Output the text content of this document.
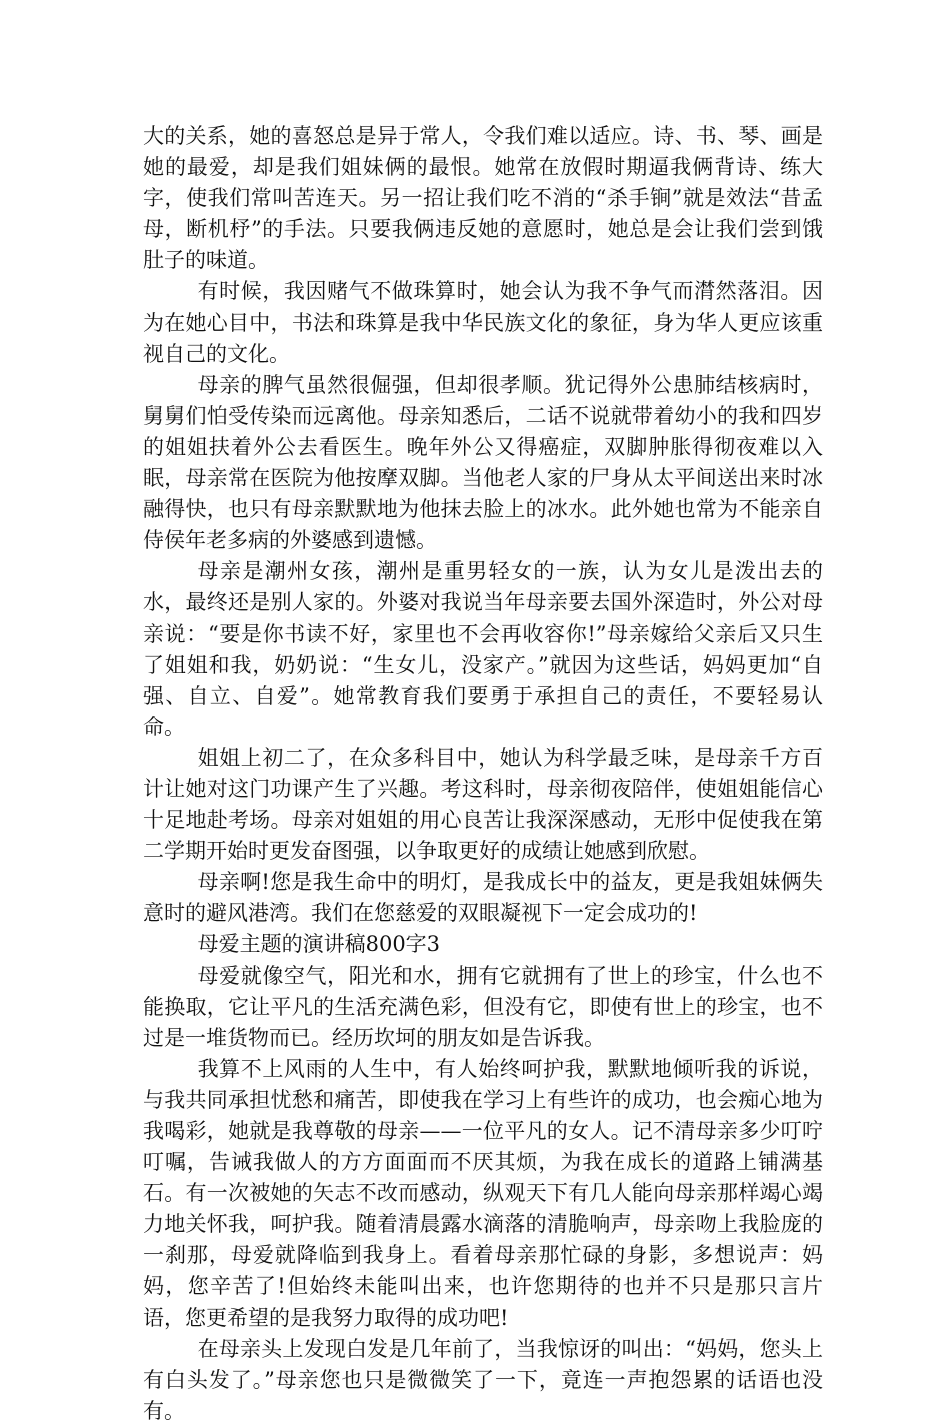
大的关系，她的喜怒总是异于常人，令我们难以适应。诗、书、琴、画是她的最爱，却是我们姐妹俩的最恨。她常在放假时期逼我俩背诗、练大字，使我们常叫苦连天。另一招让我们吃不消的“杀手锏”就是效法“昔孟母，断机杼”的手法。只要我俩违反她的意愿时，她总是会让我们尝到饿肚子的味道。

有时候，我因赌气不做珠算时，她会认为我不争气而潸然落泪。因为在她心目中，书法和珠算是我中华民族文化的象征，身为华人更应该重视自己的文化。

母亲的脾气虽然很倔强，但却很孝顺。犹记得外公患肺结核病时，舅舅们怕受传染而远离他。母亲知悉后，二话不说就带着幼小的我和四岁的姐姐扶着外公去看医生。晚年外公又得癌症，双脚肿胀得彻夜难以入眠，母亲常在医院为他按摩双脚。当他老人家的尸身从太平间送出来时冰融得快，也只有母亲默默地为他抹去脸上的冰水。此外她也常为不能亲自侍侯年老多病的外婆感到遗憾。

母亲是潮州女孩，潮州是重男轻女的一族，认为女儿是泼出去的水，最终还是别人家的。外婆对我说当年母亲要去国外深造时，外公对母亲说：“要是你书读不好，家里也不会再收容你!”母亲嫁给父亲后又只生了姐姐和我，奶奶说：“生女儿，没家产。”就因为这些话，妈妈更加“自强、自立、自爱”。她常教育我们要勇于承担自己的责任，不要轻易认命。

姐姐上初二了，在众多科目中，她认为科学最乏味，是母亲千方百计让她对这门功课产生了兴趣。考这科时，母亲彻夜陪伴，使姐姐能信心十足地赴考场。母亲对姐姐的用心良苦让我深深感动，无形中促使我在第二学期开始时更发奋图强，以争取更好的成绩让她感到欣慰。

母亲啊!您是我生命中的明灯，是我成长中的益友，更是我姐妹俩失意时的避风港湾。我们在您慈爱的双眼凝视下一定会成功的!

母爱主题的演讲稿800字3

母爱就像空气，阳光和水，拥有它就拥有了世上的珍宝，什么也不能换取，它让平凡的生活充满色彩，但没有它，即使有世上的珍宝，也不过是一堆货物而已。经历坎坷的朋友如是告诉我。

我算不上风雨的人生中，有人始终呵护我，默默地倾听我的诉说，与我共同承担忧愁和痛苦，即使我在学习上有些许的成功，也会痴心地为我喝彩，她就是我尊敬的母亲——一位平凡的女人。记不清母亲多少叮咛叮嘱，告诫我做人的方方面面而不厌其烦，为我在成长的道路上铺满基石。有一次被她的矢志不改而感动，纵观天下有几人能向母亲那样竭心竭力地关怀我，呵护我。随着清晨露水滴落的清脆响声，母亲吻上我脸庞的一刹那，母爱就降临到我身上。看着母亲那忙碌的身影，多想说声：妈妈，您辛苦了!但始终未能叫出来，也许您期待的也并不只是那只言片语，您更希望的是我努力取得的成功吧!

在母亲头上发现白发是几年前了，当我惊讶的叫出：“妈妈，您头上有白头发了。”母亲您也只是微微笑了一下，竟连一声抱怨累的话语也没有。
